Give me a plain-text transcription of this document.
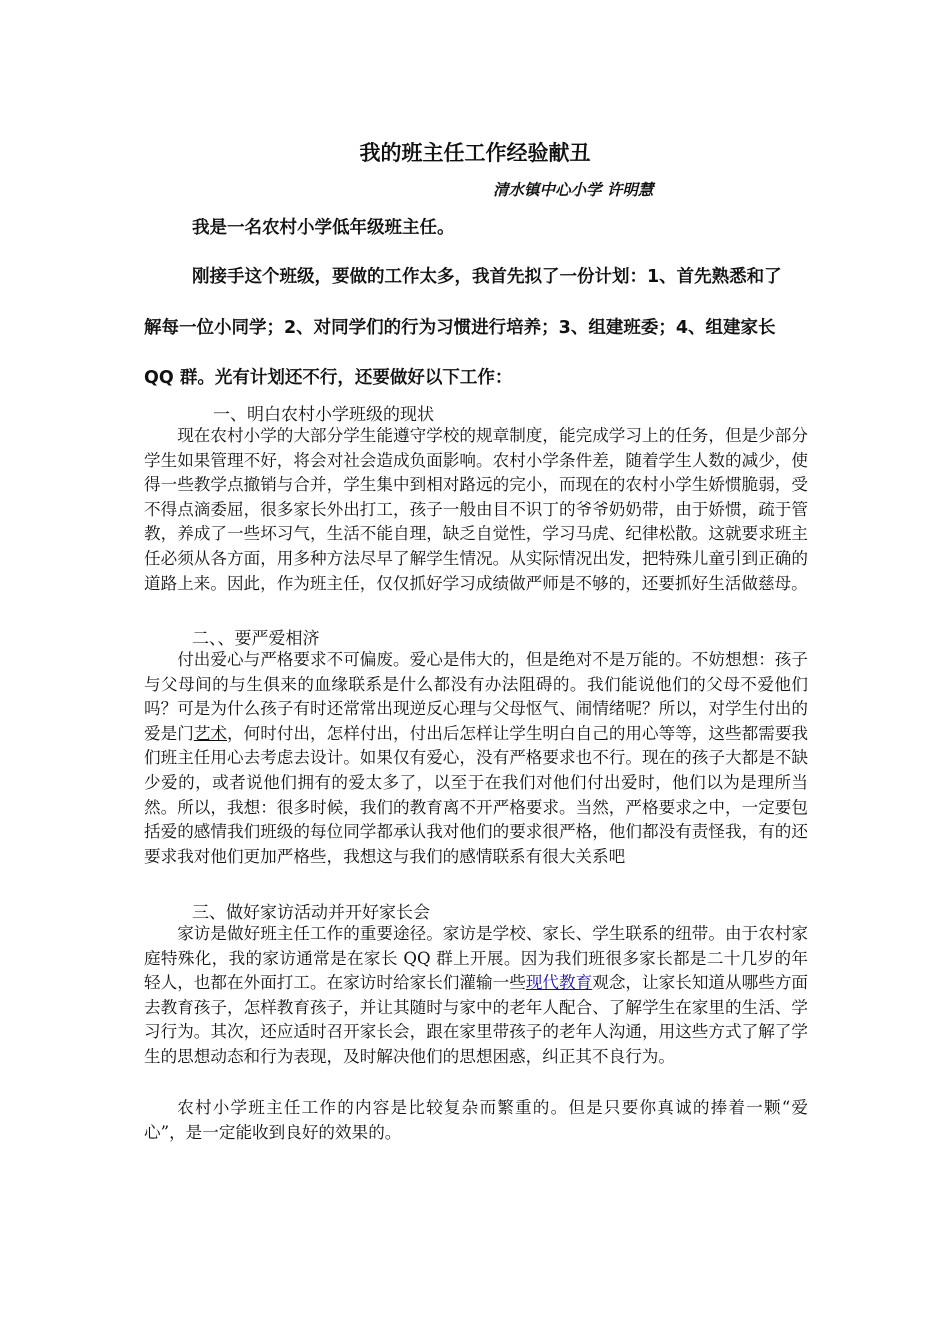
我的班主任工作经验献丑
清水镇中心小学 许明慧
我是一名农村小学低年级班主任。
刚接手这个班级，要做的工作太多，我首先拟了一份计划：1、首先熟悉和了
解每一位小同学；2、对同学们的行为习惯进行培养；3、组建班委；4、组建家长
QQ 群。光有计划还不行，还要做好以下工作：
一、明白农村小学班级的现状

现在农村小学的大部分学生能遵守学校的规章制度，能完成学习上的任务，但是少部分学生如果管理不好，将会对社会造成负面影响。农村小学条件差，随着学生人数的减少，使得一些教学点撤销与合并，学生集中到相对路远的完小，而现在的农村小学生娇惯脆弱，受不得点滴委屈，很多家长外出打工，孩子一般由目不识丁的爷爷奶奶带，由于娇惯，疏于管教，养成了一些坏习气，生活不能自理，缺乏自觉性，学习马虎、纪律松散。这就要求班主任必须从各方面，用多种方法尽早了解学生情况。从实际情况出发，把特殊儿童引到正确的道路上来。因此，作为班主任，仅仅抓好学习成绩做严师是不够的，还要抓好生活做慈母。

二、、要严爱相济

付出爱心与严格要求不可偏废。爱心是伟大的，但是绝对不是万能的。不妨想想：孩子与父母间的与生俱来的血缘联系是什么都没有办法阻碍的。我们能说他们的父母不爱他们吗？可是为什么孩子有时还常常出现逆反心理与父母怄气、闹情绪呢？所以，对学生付出的爱是门艺术，何时付出，怎样付出，付出后怎样让学生明白自己的用心等等，这些都需要我们班主任用心去考虑去设计。如果仅有爱心，没有严格要求也不行。现在的孩子大都是不缺少爱的，或者说他们拥有的爱太多了，以至于在我们对他们付出爱时，他们以为是理所当然。所以，我想：很多时候，我们的教育离不开严格要求。当然，严格要求之中，一定要包括爱的感情我们班级的每位同学都承认我对他们的要求很严格，他们都没有责怪我，有的还要求我对他们更加严格些，我想这与我们的感情联系有很大关系吧

三、做好家访活动并开好家长会

家访是做好班主任工作的重要途径。家访是学校、家长、学生联系的纽带。由于农村家庭特殊化，我的家访通常是在家长 QQ 群上开展。因为我们班很多家长都是二十几岁的年轻人，也都在外面打工。在家访时给家长们灌输一些现代教育观念，让家长知道从哪些方面去教育孩子，怎样教育孩子，并让其随时与家中的老年人配合、了解学生在家里的生活、学习行为。其次，还应适时召开家长会，跟在家里带孩子的老年人沟通，用这些方式了解了学生的思想动态和行为表现，及时解决他们的思想困惑，纠正其不良行为。

农村小学班主任工作的内容是比较复杂而繁重的。但是只要你真诚的捧着一颗“爱心”，是一定能收到良好的效果的。
